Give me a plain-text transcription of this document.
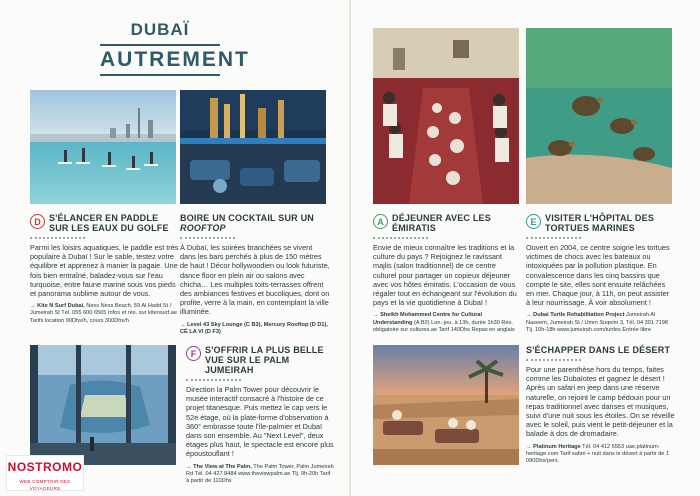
DUBAÏ
AUTREMENT
D S'ÉLANCER EN PADDLE SUR LES EAUX DU GOLFE
Parmi les loisirs aquatiques, le paddle est très populaire à Dubaï ! Sur le sable, testez votre équilibre et apprenez à manier la pagaie. Une fois bien entraîné, baladez-vous sur l'eau turquoise, entre faune marine sous vos pieds et panorama sublime autour de vous.
→ Kite N Surf Dubai, Ness Ness Beach, 59 Al Hadd St / Jumeirah St Tél. 055 600 6565 Infos et rés. sur kitensurf.ae Tarifs location 90Dhs/h, cours 300Dhs/h
BOIRE UN COCKTAIL SUR UN ROOFTOP
À Dubaï, les soirées branchées se vivent dans les bars perchés à plus de 150 mètres de haut ! Décor hollywoodien ou look futuriste, dance floor en plein air ou salons avec chicha… Les multiples toits-terrasses offrent des ambiances festives et bucoliques, dont on profite, verre à la main, en contemplant la ville illuminée.
→ Level 43 Sky Lounge (C B3), Mercury Rooftop (D D1), CÉ LA VI (D F3)
F S'OFFRIR LA PLUS BELLE VUE SUR LE PALM JUMEIRAH
Direction la Palm Tower pour découvrir le musée interactif consacré à l'histoire de ce projet titanesque. Puis mettez le cap vers le 52e étage, où la plate-forme d'observation à 360° embrasse toute l'île-palmier et Dubaï dans son ensemble. Au "Next Level", deux étages plus haut, le spectacle est encore plus époustouflant !
→ The View at The Palm, The Palm Tower, Palm Jumeirah Rd Tél. 04 427 8484 www.theviewpalm.ae Tlj. 9h-20h Tarif à partir de 110Dhs
NOSTROMO
WEB COMPTOIR DES VOYAGEURS
A DÉJEUNER AVEC LES ÉMIRATIS
Envie de mieux connaître les traditions et la culture du pays ? Rejoignez le ravissant majlis (salon traditionnel) de ce centre culturel pour partager un copieux déjeuner avec vos hôtes émiratis. L'occasion de vous régaler tout en échangeant sur l'évolution du pays et la vie quotidienne à Dubaï !
→ Sheikh Mohammed Centre for Cultural Understanding (A B2) Lun.-jeu. à 13h, durée 1h30 Rés. obligatoire sur cultures.ae Tarif 140Dhs Repas en anglais
E VISITER L'HÔPITAL DES TORTUES MARINES
Ouvert en 2004, ce centre soigne les tortues victimes de chocs avec les bateaux ou intoxiquées par la pollution plastique. En convalescence dans les cinq bassins que compte le site, elles sont ensuite relâchées en mer. Chaque jour, à 11h, on peut assister à leur nourrissage. À voir absolument !
→ Dubai Turtle Rehabilitation Project Jumeirah Al Naseem, Jumeirah St / Umm Suqeim 3, Tél. 04 301 7198 Tlj. 10h-18h www.jumeirah.com/turtles Entrée libre
S'ÉCHAPPER DANS LE DÉSERT
Pour une parenthèse hors du temps, faites comme les Dubaïotes et gagnez le désert ! Après un safari en jeep dans une réserve naturelle, on rejoint le camp bédouin pour un repas traditionnel avec danses et musiques, suivi d'une nuit sous les étoiles. On se réveille avec le soleil, puis vient le petit-déjeuner et la balade à dos de dromadaire.
→ Platinum Heritage Tél. 04 412 6553 uae.platinum-heritage.com Tarif safari + nuit dans le désert à partir de 1 090Dhs/pers.
